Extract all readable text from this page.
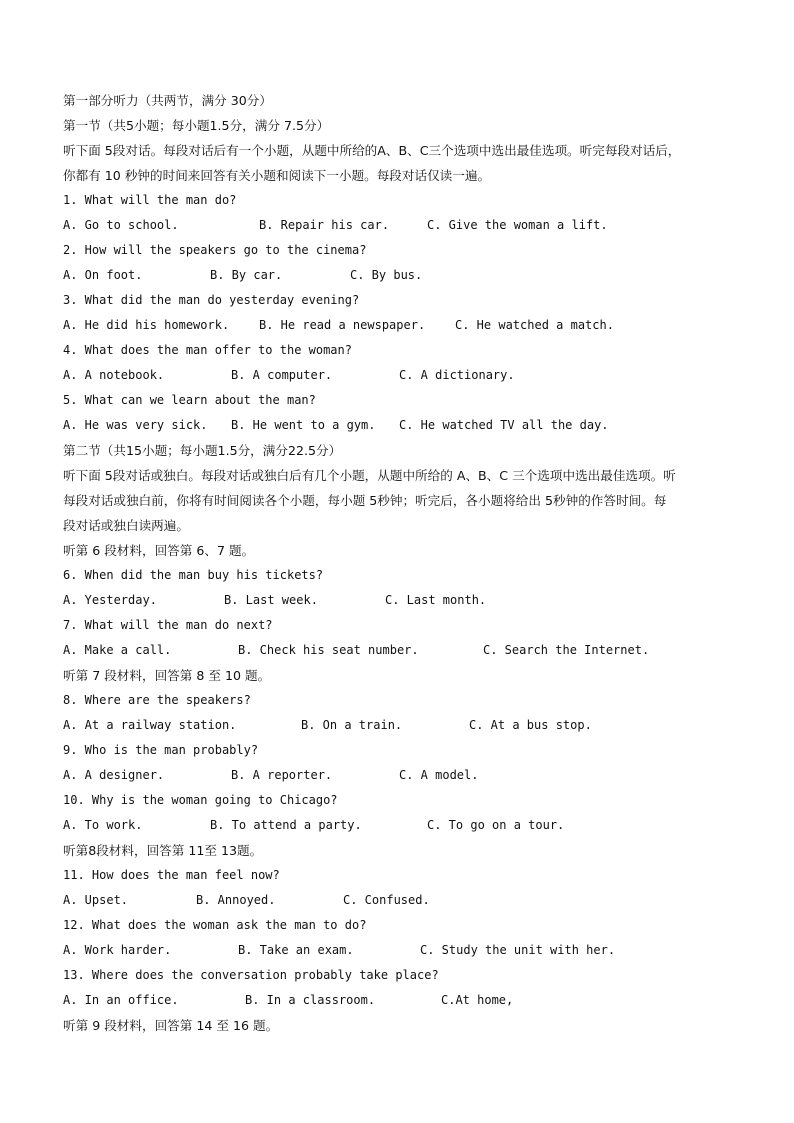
第一部分听力（共两节，满分 30分）
第一节（共5小题；每小题1.5分，满分 7.5分）
听下面 5段对话。每段对话后有一个小题，从题中所给的A、B、C三个选项中选出最佳选项。听完每段对话后，
你都有 10 秒钟的时间来回答有关小题和阅读下一小题。每段对话仅读一遍。
1. What will the man do?

A. Go to school.

	B. Repair his car.

	C. Give the woman a lift.

2. How will the speakers go to the cinema?

A. On foot.

	B. By car.

	C. By bus.

3. What did the man do yesterday evening?

A. He did his homework.

B. He read a newspaper.

C. He watched a match.

4. What does the man offer to the woman?

A. A notebook.

	B. A computer.

	C. A dictionary.

5. What can we learn about the man?

A. He was very sick.

B. He went to a gym.

C. He watched TV all the day.

第二节（共15小题；每小题1.5分，满分22.5分）
听下面 5段对话或独白。每段对话或独白后有几个小题，从题中所给的 A、B、C 三个选项中选出最佳选项。听
每段对话或独白前，你将有时间阅读各个小题，每小题 5秒钟；听完后，各小题将给出 5秒钟的作答时间。每
段对话或独白读两遍。
听第 6 段材料，回答第 6、7 题。
6. When did the man buy his tickets?

A. Yesterday.

	B. Last week.

	C. Last month.

7. What will the man do next?

A. Make a call.

	B. Check his seat number.

	C. Search the Internet.

听第 7 段材料，回答第 8 至 10 题。
8. Where are the speakers?

A. At a railway station.

	B. On a train.

	C. At a bus stop.

9. Who is the man probably?

A. A designer.

	B. A reporter.

	C. A model.

10. Why is the woman going to Chicago?

A. To work.

	B. To attend a party.

	C. To go on a tour.

听第8段材料，回答第 11至 13题。
11. How does the man feel now?

A. Upset.

	B. Annoyed.

	C. Confused.

12. What does the woman ask the man to do?

A. Work harder.

	B. Take an exam.

	C. Study the unit with her.

13. Where does the conversation probably take place?

A. In an office.

	B. In a classroom.

	C.At home,

听第 9 段材料，回答第 14 至 16 题。
